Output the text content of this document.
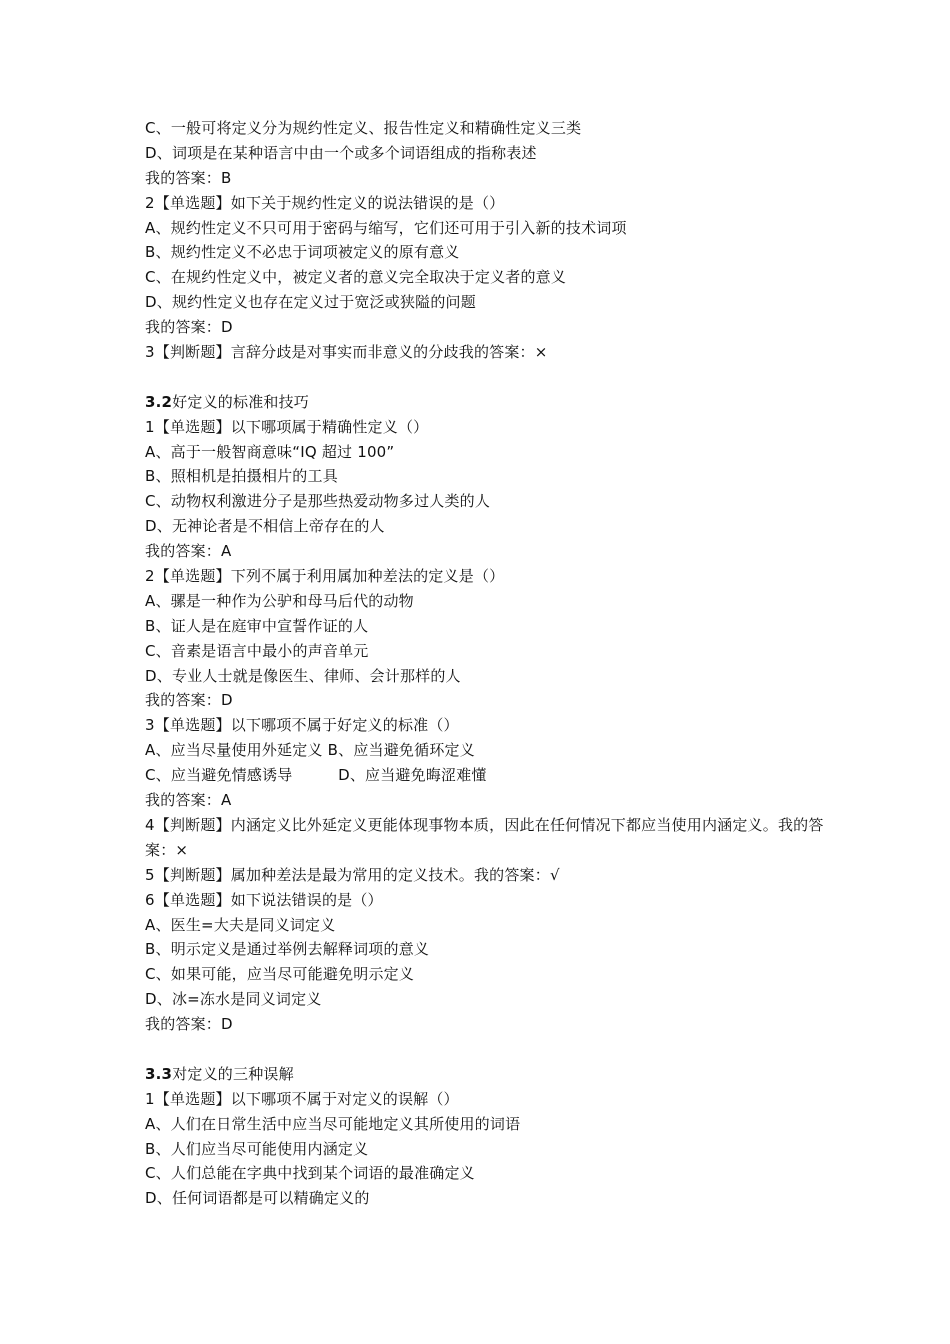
C、一般可将定义分为规约性定义、报告性定义和精确性定义三类
D、词项是在某种语言中由一个或多个词语组成的指称表述
我的答案：B
2【单选题】如下关于规约性定义的说法错误的是（）
A、规约性定义不只可用于密码与缩写，它们还可用于引入新的技术词项
B、规约性定义不必忠于词项被定义的原有意义
C、在规约性定义中，被定义者的意义完全取决于定义者的意义
D、规约性定义也存在定义过于宽泛或狭隘的问题
我的答案：D
3【判断题】言辞分歧是对事实而非意义的分歧我的答案：×
3.2好定义的标准和技巧
1【单选题】以下哪项属于精确性定义（）
A、高于一般智商意味“IQ 超过 100”
B、照相机是拍摄相片的工具
C、动物权利激进分子是那些热爱动物多过人类的人
D、无神论者是不相信上帝存在的人
我的答案：A
2【单选题】下列不属于利用属加种差法的定义是（）
A、骡是一种作为公驴和母马后代的动物
B、证人是在庭审中宣誓作证的人
C、音素是语言中最小的声音单元
D、专业人士就是像医生、律师、会计那样的人
我的答案：D
3【单选题】以下哪项不属于好定义的标准（）
A、应当尽量使用外延定义 B、应当避免循环定义
C、应当避免情感诱导　　　D、应当避免晦涩难懂
我的答案：A
4【判断题】内涵定义比外延定义更能体现事物本质，因此在任何情况下都应当使用内涵定义。我的答案：×
5【判断题】属加种差法是最为常用的定义技术。我的答案：√
6【单选题】如下说法错误的是（）
A、医生=大夫是同义词定义
B、明示定义是通过举例去解释词项的意义
C、如果可能，应当尽可能避免明示定义
D、冰=冻水是同义词定义
我的答案：D
3.3对定义的三种误解
1【单选题】以下哪项不属于对定义的误解（）
A、人们在日常生活中应当尽可能地定义其所使用的词语
B、人们应当尽可能使用内涵定义
C、人们总能在字典中找到某个词语的最准确定义
D、任何词语都是可以精确定义的
